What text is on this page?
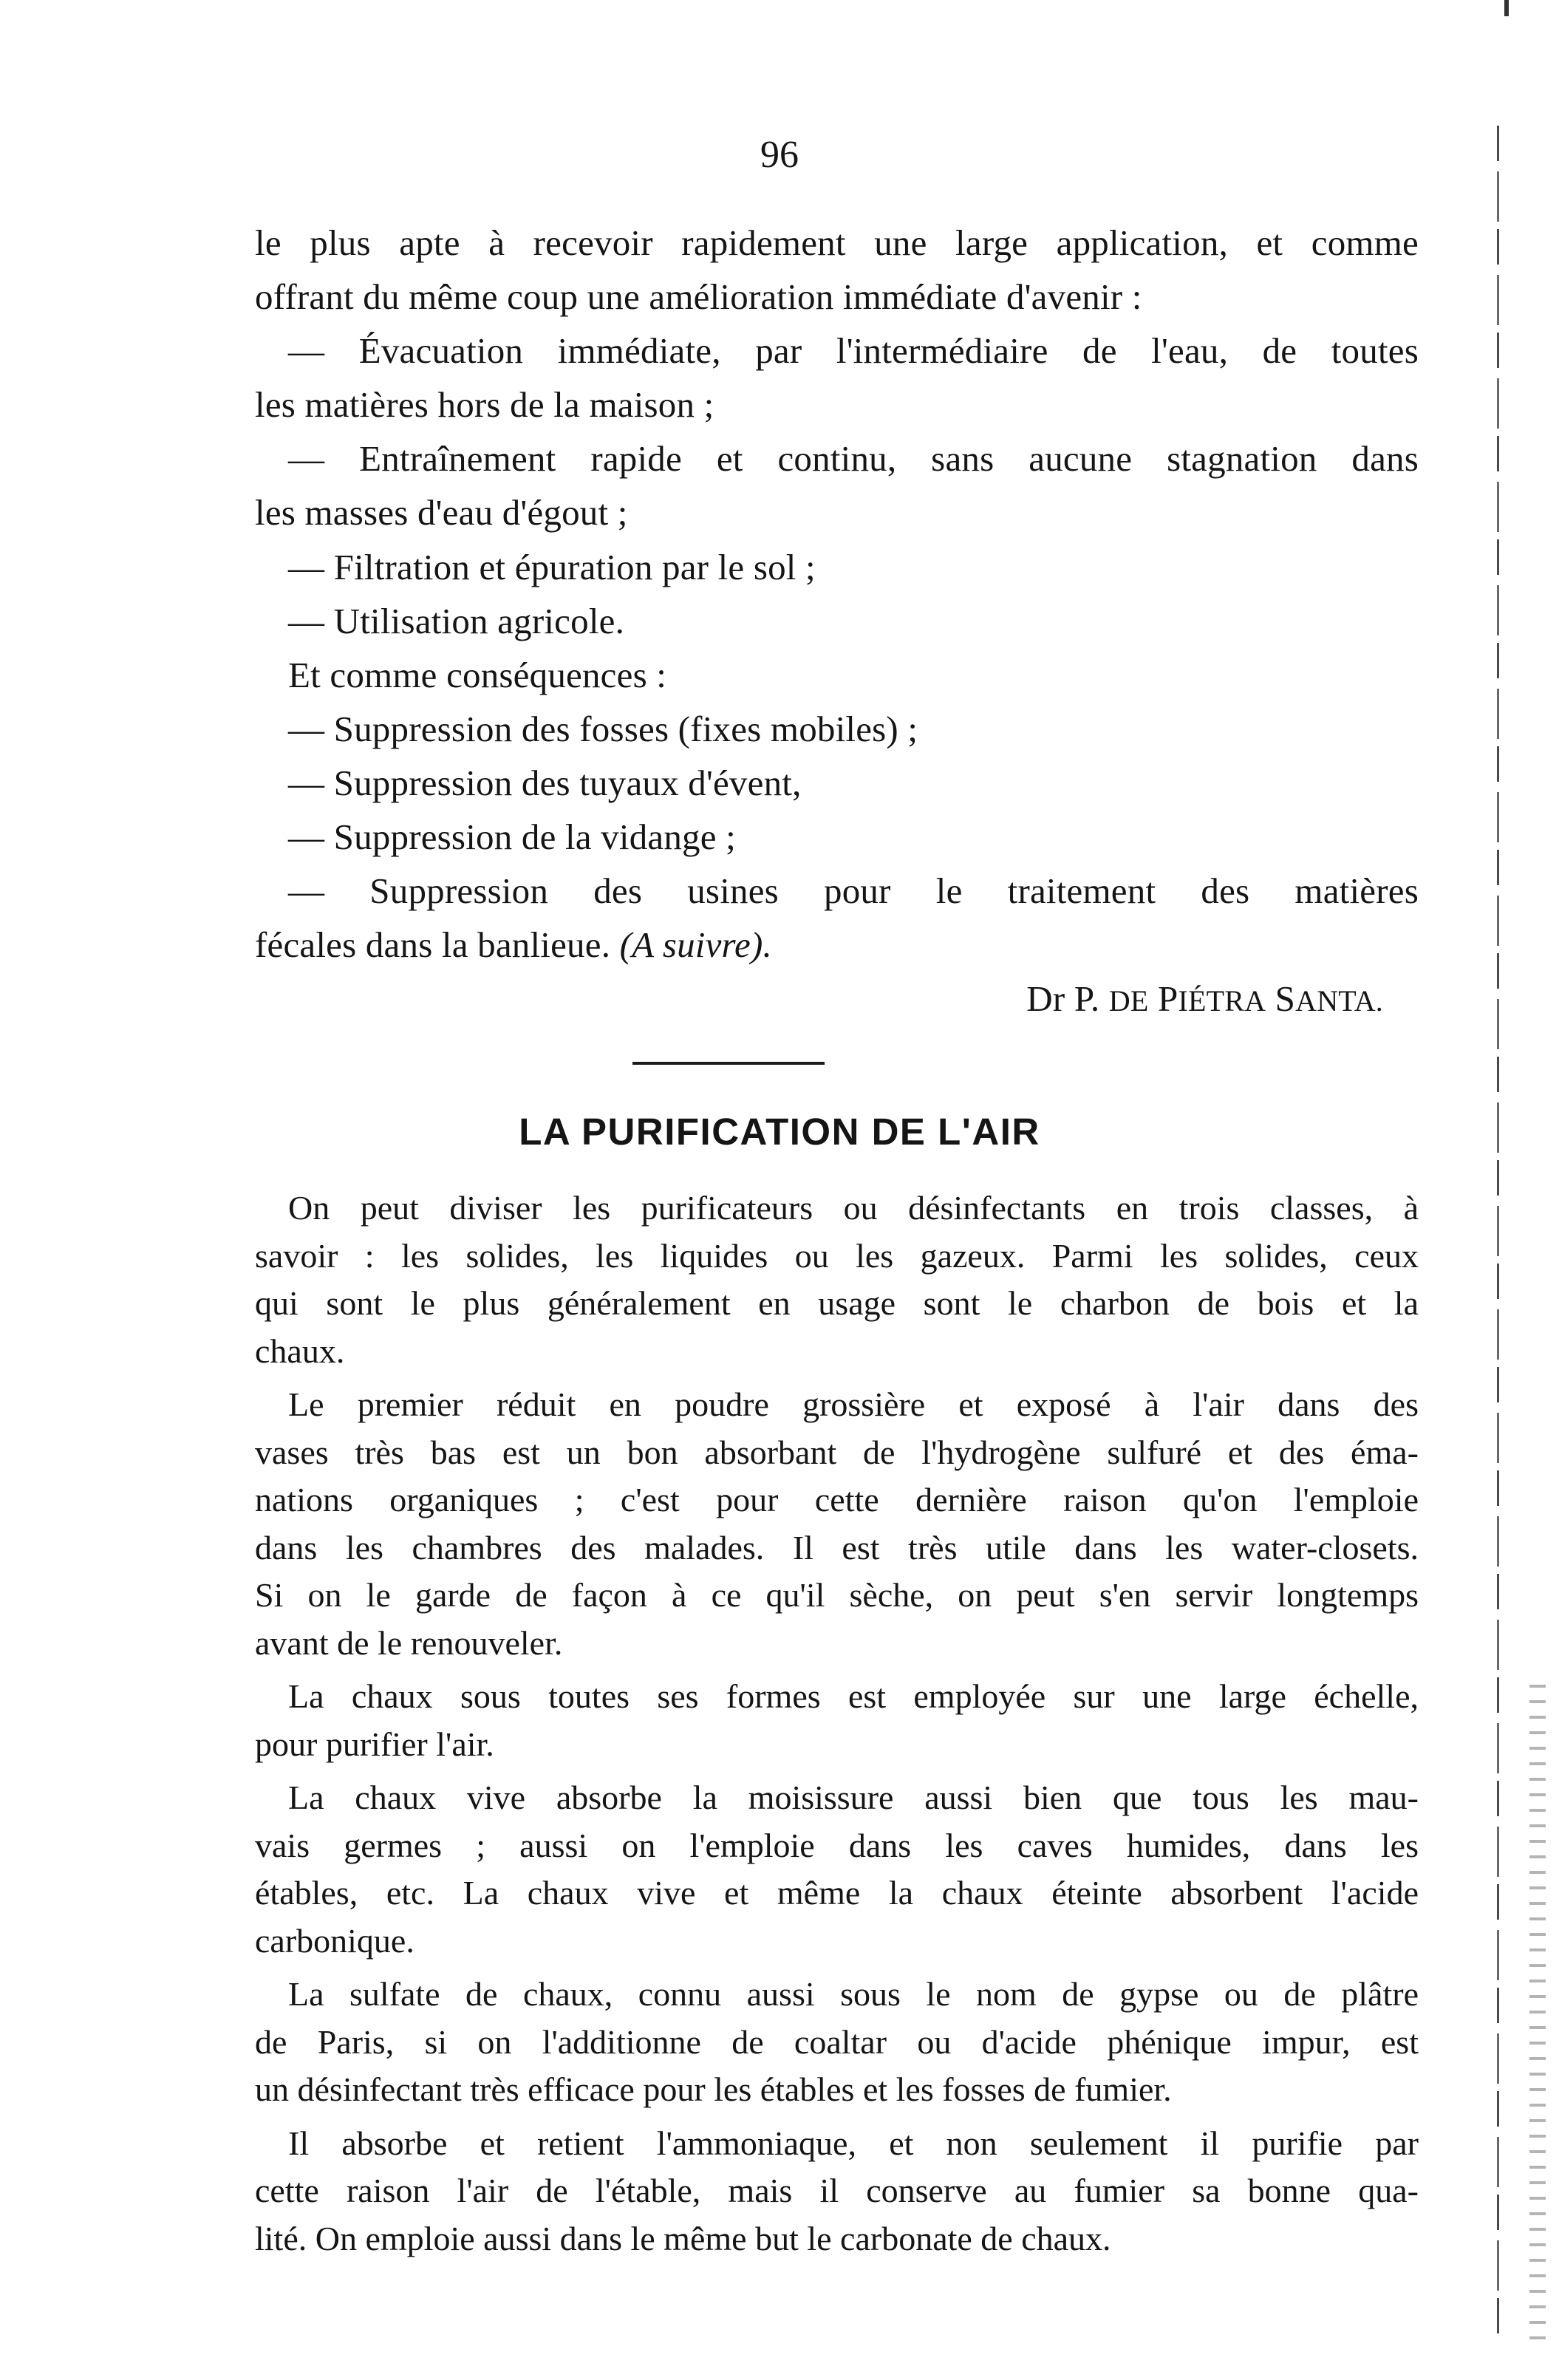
96
le plus apte à recevoir rapidement une large application, et comme
offrant du même coup une amélioration immédiate d'avenir :
— Évacuation immédiate, par l'intermédiaire de l'eau, de toutes
les matières hors de la maison ;
— Entraînement rapide et continu, sans aucune stagnation dans
les masses d'eau d'égout ;
— Filtration et épuration par le sol ;
— Utilisation agricole.
Et comme conséquences :
— Suppression des fosses (fixes mobiles) ;
— Suppression des tuyaux d'évent,
— Suppression de la vidange ;
— Suppression des usines pour le traitement des matières
fécales dans la banlieue. (A suivre).
Dr P. DE PIÉTRA SANTA.
LA PURIFICATION DE L'AIR
On peut diviser les purificateurs ou désinfectants en trois classes, à
savoir : les solides, les liquides ou les gazeux. Parmi les solides, ceux
qui sont le plus généralement en usage sont le charbon de bois et la
chaux.
Le premier réduit en poudre grossière et exposé à l'air dans des
vases très bas est un bon absorbant de l'hydrogène sulfuré et des éma-
nations organiques ; c'est pour cette dernière raison qu'on l'emploie
dans les chambres des malades. Il est très utile dans les water-closets.
Si on le garde de façon à ce qu'il sèche, on peut s'en servir longtemps
avant de le renouveler.
La chaux sous toutes ses formes est employée sur une large échelle,
pour purifier l'air.
La chaux vive absorbe la moisissure aussi bien que tous les mau-
vais germes ; aussi on l'emploie dans les caves humides, dans les
étables, etc. La chaux vive et même la chaux éteinte absorbent l'acide
carbonique.
La sulfate de chaux, connu aussi sous le nom de gypse ou de plâtre
de Paris, si on l'additionne de coaltar ou d'acide phénique impur, est
un désinfectant très efficace pour les étables et les fosses de fumier.
Il absorbe et retient l'ammoniaque, et non seulement il purifie par
cette raison l'air de l'étable, mais il conserve au fumier sa bonne qua-
lité. On emploie aussi dans le même but le carbonate de chaux.
